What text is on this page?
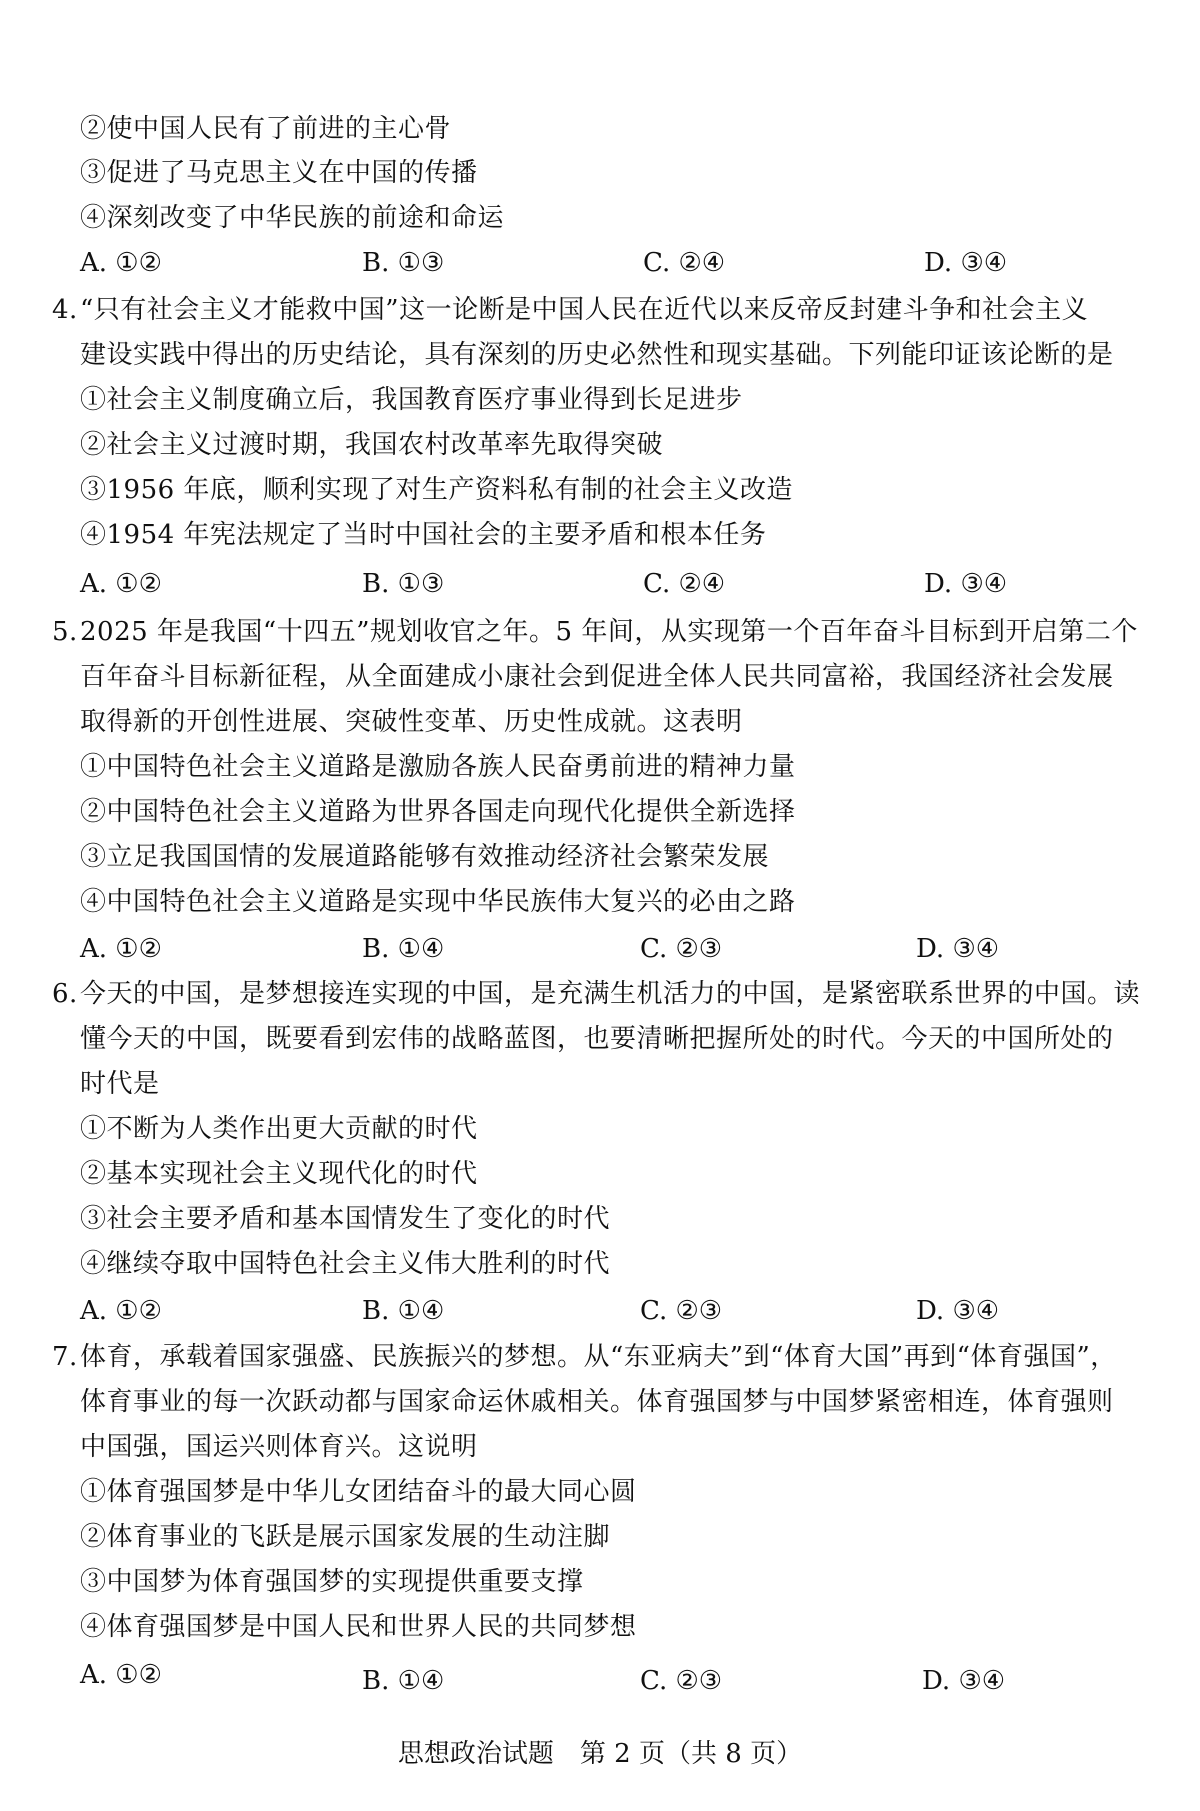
②使中国人民有了前进的主心骨
③促进了马克思主义在中国的传播
④深刻改变了中华民族的前途和命运
A. ①②	B. ①③	C. ②④	D. ③④
4.“只有社会主义才能救中国”这一论断是中国人民在近代以来反帝反封建斗争和社会主义
建设实践中得出的历史结论，具有深刻的历史必然性和现实基础。下列能印证该论断的是
①社会主义制度确立后，我国教育医疗事业得到长足进步
②社会主义过渡时期，我国农村改革率先取得突破
③1956 年底，顺利实现了对生产资料私有制的社会主义改造
④1954 年宪法规定了当时中国社会的主要矛盾和根本任务
A. ①②	B. ①③	C. ②④	D. ③④
5.2025 年是我国“十四五”规划收官之年。5 年间，从实现第一个百年奋斗目标到开启第二个
百年奋斗目标新征程，从全面建成小康社会到促进全体人民共同富裕，我国经济社会发展
取得新的开创性进展、突破性变革、历史性成就。这表明
①中国特色社会主义道路是激励各族人民奋勇前进的精神力量
②中国特色社会主义道路为世界各国走向现代化提供全新选择
③立足我国国情的发展道路能够有效推动经济社会繁荣发展
④中国特色社会主义道路是实现中华民族伟大复兴的必由之路
A. ①②	B. ①④	C. ②③	D. ③④
6.今天的中国，是梦想接连实现的中国，是充满生机活力的中国，是紧密联系世界的中国。读
懂今天的中国，既要看到宏伟的战略蓝图，也要清晰把握所处的时代。今天的中国所处的
时代是
①不断为人类作出更大贡献的时代
②基本实现社会主义现代化的时代
③社会主要矛盾和基本国情发生了变化的时代
④继续夺取中国特色社会主义伟大胜利的时代
A. ①②	B. ①④	C. ②③	D. ③④
7.体育，承载着国家强盛、民族振兴的梦想。从“东亚病夫”到“体育大国”再到“体育强国”，
体育事业的每一次跃动都与国家命运休戚相关。体育强国梦与中国梦紧密相连，体育强则
中国强，国运兴则体育兴。这说明
①体育强国梦是中华儿女团结奋斗的最大同心圆
②体育事业的飞跃是展示国家发展的生动注脚
③中国梦为体育强国梦的实现提供重要支撑
④体育强国梦是中国人民和世界人民的共同梦想
A. ①②	B. ①④	C. ②③	D. ③④
思想政治试题　第 2 页（共 8 页）
